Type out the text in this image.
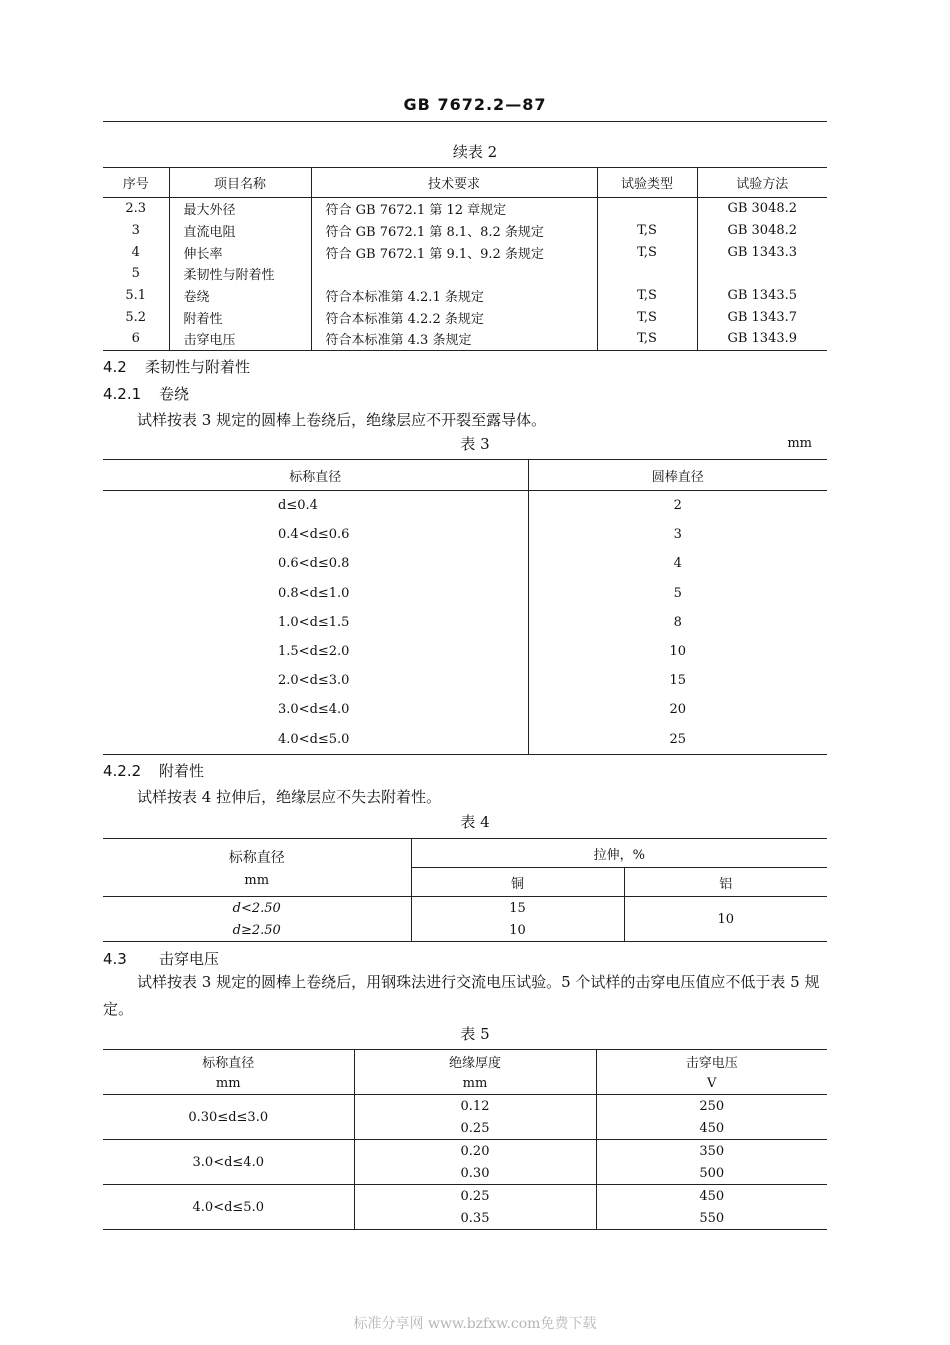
GB 7672.2—87
续表 2
序号	项目名称	技术要求	试验类型	试验方法
2.3	最大外径	符合 GB 7672.1 第 12 章规定		GB 3048.2
3	直流电阻	符合 GB 7672.1 第 8.1、8.2 条规定	T,S	GB 3048.2
4	伸长率	符合 GB 7672.1 第 9.1、9.2 条规定	T,S	GB 1343.3
5	柔韧性与附着性			
5.1	卷绕	符合本标准第 4.2.1 条规定	T,S	GB 1343.5
5.2	附着性	符合本标准第 4.2.2 条规定	T,S	GB 1343.7
6	击穿电压	符合本标准第 4.3 条规定	T,S	GB 1343.9
4.2 柔韧性与附着性
4.2.1 卷绕
试样按表 3 规定的圆棒上卷绕后，绝缘层应不开裂至露导体。
表 3	mm
标称直径	圆棒直径
d≤0.4	2
0.4<d≤0.6	3
0.6<d≤0.8	4
0.8<d≤1.0	5
1.0<d≤1.5	8
1.5<d≤2.0	10
2.0<d≤3.0	15
3.0<d≤4.0	20
4.0<d≤5.0	25
4.2.2 附着性
试样按表 4 拉伸后，绝缘层应不失去附着性。
表 4
标称直径
mm	拉伸，%	
	铜	铝
d<2.50	15	10
d≥2.50	10	
4.3 击穿电压
试样按表 3 规定的圆棒上卷绕后，用钢珠法进行交流电压试验。5 个试样的击穿电压值应不低于表 5 规定。
表 5
标称直径	绝缘厚度	击穿电压
mm	mm	V
0.30≤d≤3.0	0.12	250
	0.25	450
3.0<d≤4.0	0.20	350
	0.30	500
4.0<d≤5.0	0.25	450
	0.35	550
标准分享网 www.bzfxw.com免费下载
